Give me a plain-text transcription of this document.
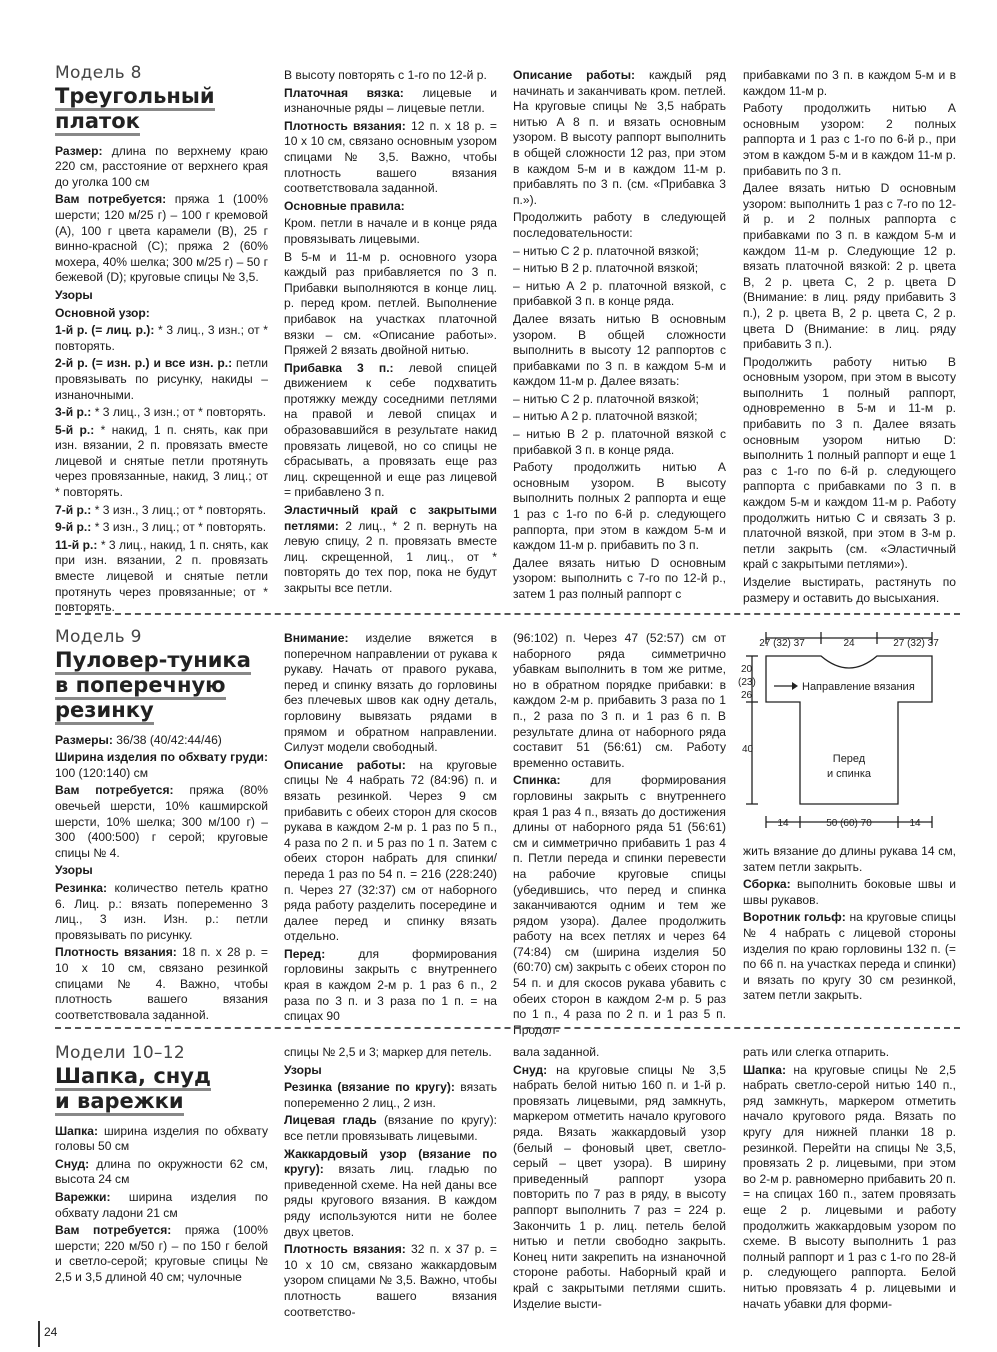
Модель 8
Треугольный платок

Размер: длина по верхнему краю 220 см, расстояние от верхнего края до уголка 100 см

Вам потребуется: пряжа 1 (100% шерсти; 120 м/25 г) – 100 г кремовой (A), 100 г цвета карамели (B), 25 г винно-красной (C); пряжа 2 (60% мохера, 40% шелка; 300 м/25 г) – 50 г бежевой (D); круговые спицы № 3,5.

Узоры

Основной узор:

1-й р. (= лиц. р.): * 3 лиц., 3 изн.; от * повторять.

2-й р. (= изн. р.) и все изн. р.: петли провязывать по рисунку, накиды – изнаночными.

3-й р.: * 3 лиц., 3 изн.; от * повторять.

5-й р.: * накид, 1 п. снять, как при изн. вязании, 2 п. провязать вместе лицевой и снятые петли протянуть через провязанные, накид, 3 лиц.; от * повторять.

7-й р.: * 3 изн., 3 лиц.; от * повторять.

9-й р.: * 3 изн., 3 лиц.; от * повторять.

11-й р.: * 3 лиц., накид, 1 п. снять, как при изн. вязании, 2 п. провязать вместе лицевой и снятые петли протянуть через провязанные; от * повторять.

В высоту повторять с 1-го по 12-й р.

Платочная вязка: лицевые и изнаночные ряды – лицевые петли.

Плотность вязания: 12 п. х 18 р. = 10 х 10 см, связано основным узором спицами № 3,5. Важно, чтобы плотность вашего вязания соответствовала заданной.

Основные правила:

Кром. петли в начале и в конце ряда провязывать лицевыми.

В 5-м и 11-м р. основного узора каждый раз прибавляется по 3 п. Прибавки выполняются в конце лиц. р. перед кром. петлей. Выполнение прибавок на участках платочной вязки – см. «Описание работы». Пряжей 2 вязать двойной нитью.

Прибавка 3 п.: левой спицей движением к себе подхватить протяжку между соседними петлями на правой и левой спицах и образовавшийся в результате накид провязать лицевой, но со спицы не сбрасывать, а провязать еще раз лиц. скрещенной и еще раз лицевой = прибавлено 3 п.

Эластичный край с закрытыми петлями: 2 лиц., * 2 п. вернуть на левую спицу, 2 п. провязать вместе лиц. скрещенной, 1 лиц., от * повторять до тех пор, пока не будут закрыты все петли.

Описание работы: каждый ряд начинать и заканчивать кром. петлей. На круговые спицы № 3,5 набрать нитью A 8 п. и вязать основным узором. В высоту раппорт выполнить в общей сложности 12 раз, при этом в каждом 5-м и в каждом 11-м р. прибавлять по 3 п. (см. «Прибавка 3 п.»).

Продолжить работу в следующей последовательности:

– нитью C 2 р. платочной вязкой;

– нитью B 2 р. платочной вязкой;

– нитью A 2 р. платочной вязкой, с прибавкой 3 п. в конце ряда.

Далее вязать нитью B основным узором. В общей сложности выполнить в высоту 12 раппортов с прибавками по 3 п. в каждом 5-м и каждом 11-м р. Далее вязать:

– нитью C 2 р. платочной вязкой;

– нитью A 2 р. платочной вязкой;

– нитью B 2 р. платочной вязкой с прибавкой 3 п. в конце ряда.

Работу продолжить нитью A основным узором. В высоту выполнить полных 2 раппорта и еще 1 раз с 1-го по 6-й р. следующего раппорта, при этом в каждом 5-м и каждом 11-м р. прибавить по 3 п.

Далее вязать нитью D основным узором: выполнить с 7-го по 12-й р., затем 1 раз полный раппорт с

прибавками по 3 п. в каждом 5-м и в каждом 11-м р.

Работу продолжить нитью A основным узором: 2 полных раппорта и 1 раз с 1-го по 6-й р., при этом в каждом 5-м и в каждом 11-м р. прибавить по 3 п.

Далее вязать нитью D основным узором: выполнить 1 раз с 7-го по 12-й р. и 2 полных раппорта с прибавками по 3 п. в каждом 5-м и каждом 11-м р. Следующие 12 р. вязать платочной вязкой: 2 р. цвета B, 2 р. цвета C, 2 р. цвета D (Внимание: в лиц. ряду прибавить 3 п.), 2 р. цвета B, 2 р. цвета C, 2 р. цвета D (Внимание: в лиц. ряду прибавить 3 п.).

Продолжить работу нитью B основным узором, при этом в высоту выполнить 1 полный раппорт, одновременно в 5-м и 11-м р. прибавить по 3 п. Далее вязать основным узором нитью D: выполнить 1 полный раппорт и еще 1 раз с 1-го по 6-й р. следующего раппорта с прибавками по 3 п. в каждом 5-м и каждом 11-м р. Работу продолжить нитью C и связать 3 р. платочной вязкой, при этом в 3-м р. петли закрыть (см. «Эластичный край с закрытыми петлями»).

Изделие выстирать, растянуть по размеру и оставить до высыхания.

Модель 9
Пуловер-туника
в поперечную
резинку

Размеры: 36/38 (40/42:44/46)

Ширина изделия по обхвату груди: 100 (120:140) см

Вам потребуется: пряжа (80% овечьей шерсти, 10% кашмирской шерсти, 10% шелка; 300 м/100 г) – 300 (400:500) г серой; круговые спицы № 4.

Узоры

Резинка: количество петель кратно 6. Лиц. р.: вязать попеременно 3 лиц., 3 изн. Изн. р.: петли провязывать по рисунку.

Плотность вязания: 18 п. х 28 р. = 10 х 10 см, связано резинкой спицами № 4. Важно, чтобы плотность вашего вязания соответствовала заданной.

Внимание: изделие вяжется в поперечном направлении от рукава к рукаву. Начать от правого рукава, перед и спинку вязать до горловины без плечевых швов как одну деталь, горловину вывязать рядами в прямом и обратном направлении. Силуэт модели свободный.

Описание работы: на круговые спицы № 4 набрать 72 (84:96) п. и вязать резинкой. Через 9 см прибавить с обеих сторон для скосов рукава в каждом 2-м р. 1 раз по 5 п., 4 раза по 2 п. и 5 раз по 1 п. Затем с обеих сторон набрать для спинки/переда 1 раз по 54 п. = 216 (228:240) п. Через 27 (32:37) см от наборного ряда работу разделить посередине и далее перед и спинку вязать отдельно.

Перед: для формирования горловины закрыть с внутреннего края в каждом 2-м р. 1 раз 6 п., 2 раза по 3 п. и 3 раза по 1 п. = на спицах 90

(96:102) п. Через 47 (52:57) см от наборного ряда симметрично убавкам выполнить в том же ритме, но в обратном порядке прибавки: в каждом 2-м р. прибавить 3 раза по 1 п., 2 раза по 3 п. и 1 раз 6 п. В результате длина от наборного ряда составит 51 (56:61) см. Работу временно оставить.

Спинка: для формирования горловины закрыть с внутреннего края 1 раз 4 п., вязать до достижения длины от наборного ряда 51 (56:61) см и симметрично прибавить 1 раз 4 п. Петли переда и спинки перевести на рабочие круговые спицы (убедившись, что перед и спинка заканчиваются одним и тем же рядом узора). Далее продолжить работу на всех петлях и через 64 (74:84) см (ширина изделия 50 (60:70) см) закрыть с обеих сторон по 54 п. и для скосов рукава убавить с обеих сторон в каждом 2-м р. 5 раз по 1 п., 4 раза по 2 п. и 1 раз 5 п. Продол-

27 (32) 37	24	27 (32) 37
20
(23)
26
Направление вязания
40
Перед
и спинка
14	50 (60) 70	14

жить вязание до длины рукава 14 см, затем петли закрыть.

Сборка: выполнить боковые швы и швы рукавов.

Воротник гольф: на круговые спицы № 4 набрать с лицевой стороны изделия по краю горловины 132 п. (= по 66 п. на участках переда и спинки) и вязать по кругу 30 см резинкой, затем петли закрыть.

Модели 10–12
Шапка, снуд
и варежки

Шапка: ширина изделия по обхвату головы 50 см

Снуд: длина по окружности 62 см, высота 24 см

Варежки: ширина изделия по обхвату ладони 21 см

Вам потребуется: пряжа (100% шерсти; 220 м/50 г) – по 150 г белой и светло-серой; круговые спицы № 2,5 и 3,5 длиной 40 см; чулочные

спицы № 2,5 и 3; маркер для петель.

Узоры

Резинка (вязание по кругу): вязать попеременно 2 лиц., 2 изн.

Лицевая гладь (вязание по кругу): все петли провязывать лицевыми.

Жаккардовый узор (вязание по кругу): вязать лиц. гладью по приведенной схеме. На ней даны все ряды кругового вязания. В каждом ряду используются нити не более двух цветов.

Плотность вязания: 32 п. х 37 р. = 10 х 10 см, связано жаккардовым узором спицами № 3,5. Важно, чтобы плотность вашего вязания соответство-

вала заданной.

Снуд: на круговые спицы № 3,5 набрать белой нитью 160 п. и 1-й р. провязать лицевыми, ряд замкнуть, маркером отметить начало кругового ряда. Вязать жаккардовый узор (белый – фоновый цвет, светло-серый – цвет узора). В ширину приведенный раппорт узора повторить по 7 раз в ряду, в высоту раппорт выполнить 7 раз = 224 р. Закончить 1 р. лиц. петель белой нитью и петли свободно закрыть. Конец нити закрепить на изнаночной стороне работы. Наборный край и край с закрытыми петлями сшить. Изделие высти-

рать или слегка отпарить.

Шапка: на круговые спицы № 2,5 набрать светло-серой нитью 140 п., ряд замкнуть, маркером отметить начало кругового ряда. Вязать по кругу для нижней планки 18 р. резинкой. Перейти на спицы № 3,5, провязать 2 р. лицевыми, при этом во 2-м р. равномерно прибавить 20 п. = на спицах 160 п., затем провязать еще 2 р. лицевыми и работу продолжить жаккардовым узором по схеме. В высоту выполнить 1 раз полный раппорт и 1 раз с 1-го по 28-й р. следующего раппорта. Белой нитью провязать 4 р. лицевыми и начать убавки для форми-

24
